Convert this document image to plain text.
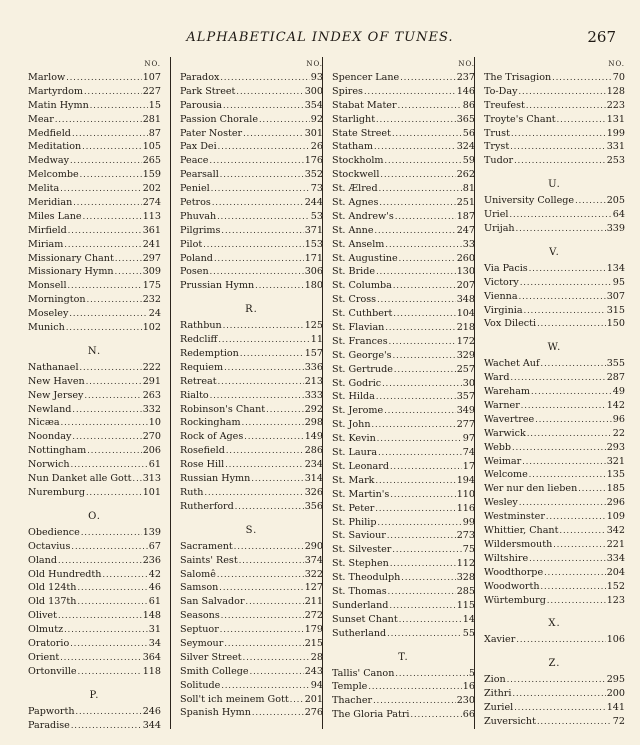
ALPHABETICAL INDEX OF TUNES.	267
NO.
Marlow .....	107
Martyrdom .....	227
Matin Hymn .....	15
Mear .....	281
Medfield .....	87
Meditation .....	105
Medway .....	265
Melcombe .....	159
Melita .....	202
Meridian .....	274
Miles Lane .....	113
Mirfield .....	361
Miriam .....	241
Missionary Chant .....	297
Missionary Hymn .....	309
Monsell .....	175
Mornington .....	232
Moseley .....	24
Munich .....	102
N.
Nathanael .....	222
New Haven .....	291
New Jersey .....	263
Newland .....	332
Nicæa .....	10
Noonday .....	270
Nottingham .....	206
Norwich .....	61
Nun Danket alle Gott ..... 313
Nuremburg .....	101
O.
Obedience .....	139
Octavius .....	67
Oland .....	236
Old Hundredth .....	42
Old 124th .....	46
Old 137th .....	61
Olivet .....	148
Olmutz .....	31
Oratorio .....	34
Orient .....	364
Ortonville .....	118
P.
Papworth .....	246
Paradise .....	344
NO.
Paradox .....	93
Park Street .....	300
Parousia .....	354
Passion Chorale .....	92
Pater Noster .....	301
Pax Dei .....	26
Peace .....	176
Pearsall .....	352
Peniel .....	73
Petros .....	244
Phuvah .....	53
Pilgrims .....	371
Pilot .....	153
Poland .....	171
Posen .....	306
Prussian Hymn .....	180
R.
Rathbun .....	125
Redcliff .....	11
Redemption .....	157
Requiem .....	336
Retreat .....	213
Rialto .....	333
Robinson's Chant .....	292
Rockingham .....	298
Rock of Ages .....	149
Rosefield .....	286
Rose Hill .....	234
Russian Hymn .....	314
Ruth .....	326
Rutherford .....	356
S.
Sacrament .....	290
Saints' Rest .....	374
Salomê .....	322
Samson .....	127
San Salvador .....	211
Seasons .....	272
Septuor .....	179
Seymour .....	215
Silver Street .....	28
Smith College .....	243
Solitude .....	94
Soll't ich meinem Gott ..... 201
Spanish Hymn .....	276
NO.
Spencer Lane .....	237
Spires .....	146
Stabat Mater .....	86
Starlight .....	365
State Street .....	56
Statham .....	324
Stockholm .....	59
Stockwell .....	262
St. Ælred .....	81
St. Agnes .....	251
St. Andrew's .....	187
St. Anne .....	247
St. Anselm .....	33
St. Augustine .....	260
St. Bride .....	130
St. Columba .....	207
St. Cross .....	348
St. Cuthbert .....	104
St. Flavian .....	218
St. Frances .....	172
St. George's .....	329
St. Gertrude .....	257
St. Godric .....	30
St. Hilda .....	357
St. Jerome .....	349
St. John .....	277
St. Kevin .....	97
St. Laura .....	74
St. Leonard .....	17
St. Mark .....	194
St. Martin's .....	110
St. Peter .....	116
St. Philip .....	99
St. Saviour .....	273
St. Silvester .....	75
St. Stephen .....	112
St. Theodulph .....	328
St. Thomas .....	285
Sunderland .....	115
Sunset Chant .....	14
Sutherland .....	55
T.
Tallis' Canon .....	5
Temple .....	16
Thacher .....	230
The Gloria Patri .....	66
NO.
The Trisagion .....	70
To-Day .....	128
Treufest .....	223
Troyte's Chant .....	131
Trust .....	199
Tryst .....	331
Tudor .....	253
U.
University College .....	205
Uriel .....	64
Urijah .....	339
V.
Via Pacis .....	134
Victory .....	95
Vienna .....	307
Virginia .....	315
Vox Dilecti .....	150
W.
Wachet Auf .....	355
Ward .....	287
Wareham .....	49
Warner .....	142
Wavertree .....	96
Warwick .....	22
Webb .....	293
Weimar .....	321
Welcome .....	135
Wer nur den lieben .....	185
Wesley .....	296
Westminster .....	109
Whittier, Chant .....	342
Wildersmouth .....	221
Wiltshire .....	334
Woodthorpe .....	204
Woodworth .....	152
Würtemburg .....	123
X.
Xavier .....	106
Z.
Zion .....	295
Zithri .....	200
Zuriel .....	141
Zuversicht .....	72
